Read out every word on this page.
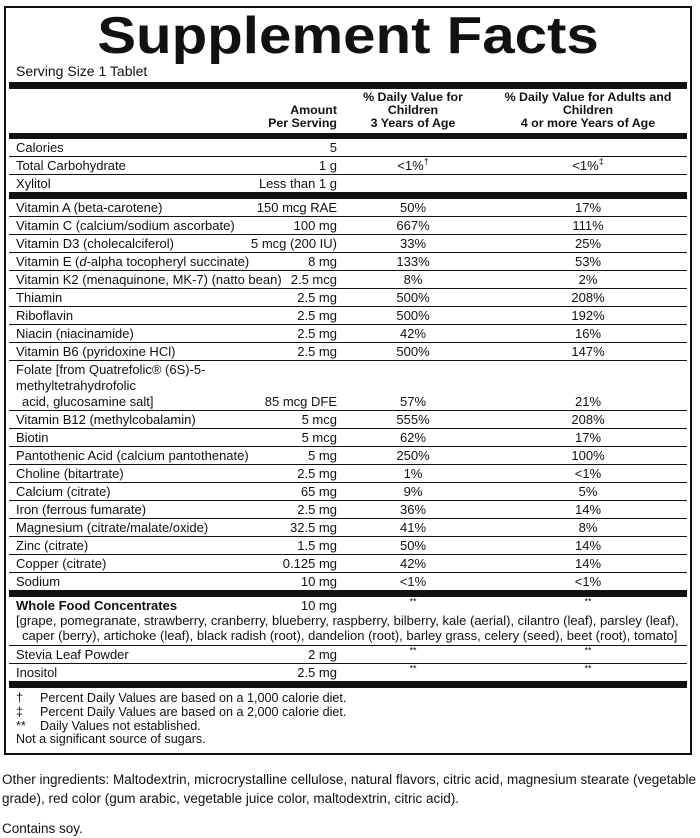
Supplement Facts
Serving Size 1 Tablet
Amount
Per Serving
% Daily Value for Children
3 Years of Age
% Daily Value for Adults and Children
4 or more Years of Age
Calories	5
Total Carbohydrate	1 g	<1%†	<1%‡
Xylitol	Less than 1 g
Vitamin A (beta-carotene)	150 mcg RAE	50%	17%
Vitamin C (calcium/sodium ascorbate)	100 mg	667%	111%
Vitamin D3 (cholecalciferol)	5 mcg (200 IU)	33%	25%
Vitamin E (d-alpha tocopheryl succinate)	8 mg	133%	53%
Vitamin K2 (menaquinone, MK-7) (natto bean) 2.5 mcg	8%	2%
Thiamin	2.5 mg	500%	208%
Riboflavin	2.5 mg	500%	192%
Niacin (niacinamide)	2.5 mg	42%	16%
Vitamin B6 (pyridoxine HCl)	2.5 mg	500%	147%
Folate [from Quatrefolic® (6S)-5-methyltetrahydrofolic
acid, glucosamine salt]	85 mcg DFE	57%	21%
Vitamin B12 (methylcobalamin)	5 mcg	555%	208%
Biotin	5 mcg	62%	17%
Pantothenic Acid (calcium pantothenate)	5 mg	250%	100%
Choline (bitartrate)	2.5 mg	1%	<1%
Calcium (citrate)	65 mg	9%	5%
Iron (ferrous fumarate)	2.5 mg	36%	14%
Magnesium (citrate/malate/oxide)	32.5 mg	41%	8%
Zinc (citrate)	1.5 mg	50%	14%
Copper (citrate)	0.125 mg	42%	14%
Sodium	10 mg	<1%	<1%
Whole Food Concentrates	10 mg	**	**
[grape, pomegranate, strawberry, cranberry, blueberry, raspberry, bilberry, kale (aerial), cilantro (leaf), parsley (leaf), caper (berry), artichoke (leaf), black radish (root), dandelion (root), barley grass, celery (seed), beet (root), tomato]
Stevia Leaf Powder	2 mg	**	**
Inositol	2.5 mg	**	**
†	Percent Daily Values are based on a 1,000 calorie diet.
‡	Percent Daily Values are based on a 2,000 calorie diet.
**	Daily Values not established.
Not a significant source of sugars.

Other ingredients: Maltodextrin, microcrystalline cellulose, natural flavors, citric acid, magnesium stearate (vegetable grade), red color (gum arabic, vegetable juice color, maltodextrin, citric acid).

Contains soy.
